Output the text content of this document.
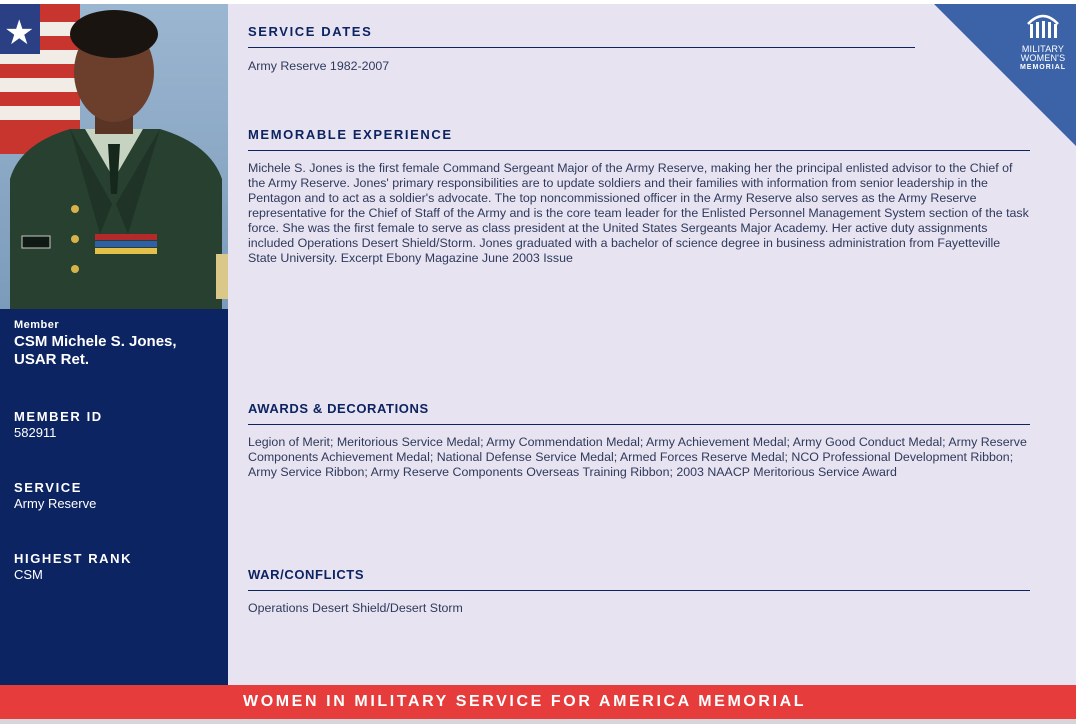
★
Member
CSM Michele S. Jones, USAR Ret.
MEMBER ID
582911
SERVICE
Army Reserve
HIGHEST RANK
CSM
SERVICE DATES
Army Reserve 1982-2007
MEMORABLE EXPERIENCE
Michele S. Jones is the first female Command Sergeant Major of the Army Reserve, making her the principal enlisted advisor to the Chief of the Army Reserve. Jones' primary responsibilities are to update soldiers and their families with information from senior leadership in the Pentagon and to act as a soldier's advocate. The top noncommissioned officer in the Army Reserve also serves as the Army Reserve representative for the Chief of Staff of the Army and is the core team leader for the Enlisted Personnel Management System section of the task force. She was the first female to serve as class president at the United States Sergeants Major Academy. Her active duty assignments included Operations Desert Shield/Storm. Jones graduated with a bachelor of science degree in business administration from Fayetteville State University. Excerpt Ebony Magazine June 2003 Issue
AWARDS & DECORATIONS
Legion of Merit; Meritorious Service Medal; Army Commendation Medal; Army Achievement Medal; Army Good Conduct Medal; Army Reserve Components Achievement Medal; National Defense Service Medal; Armed Forces Reserve Medal; NCO Professional Development Ribbon; Army Service Ribbon; Army Reserve Components Overseas Training Ribbon; 2003 NAACP Meritorious Service Award
WAR/CONFLICTS
Operations Desert Shield/Desert Storm
MILITARY
WOMEN'S
MEMORIAL
WOMEN IN MILITARY SERVICE FOR AMERICA MEMORIAL
